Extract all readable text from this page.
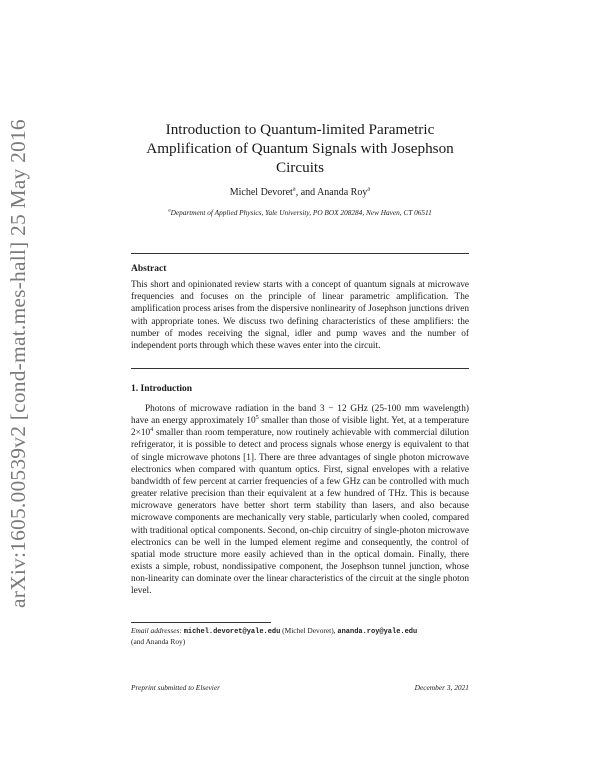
arXiv:1605.00539v2 [cond-mat.mes-hall] 25 May 2016	Introduction to Quantum-limited Parametric Amplification of Quantum Signals with Josephson Circuits
Michel Devoret$^a$, and Ananda Roy$^a$
$^a$Department of Applied Physics, Yale University, PO BOX 208284, New Haven, CT 06511
Abstract
This short and opinionated review starts with a concept of quantum signals at microwave frequencies and focuses on the principle of linear parametric amplification. The amplification process arises from the dispersive nonlinearity of Josephson junctions driven with appropriate tones. We discuss two defining characteristics of these amplifiers: the number of modes receiving the signal, idler and pump waves and the number of independent ports through which these waves enter into the circuit.
1. Introduction

Photons of microwave radiation in the band 3 − 12 GHz (25-100 mm wavelength) have an energy approximately $10^5$ smaller than those of visible light. Yet, at a temperature $2\times 10^4$ smaller than room temperature, now routinely achievable with commercial dilution refrigerator, it is possible to detect and process signals whose energy is equivalent to that of single microwave photons [1]. There are three advantages of single photon microwave electronics when compared with quantum optics. First, signal envelopes with a relative bandwidth of few percent at carrier frequencies of a few GHz can be controlled with much greater relative precision than their equivalent at a few hundred of THz. This is because microwave generators have better short term stability than lasers, and also because microwave components are mechanically very stable, particularly when cooled, compared with traditional optical components. Second, on-chip circuitry of single-photon microwave electronics can be well in the lumped element regime and consequently, the control of spatial mode structure more easily achieved than in the optical domain. Finally, there exists a simple, robust, nondissipative component, the Josephson tunnel junction, whose non-linearity can dominate over the linear characteristics of the circuit at the single photon level.

Email addresses: michel.devoret@yale.edu (Michel Devoret), ananda.roy@yale.edu
(and Ananda Roy)
Preprint submitted to Elsevier	December 3, 2021
